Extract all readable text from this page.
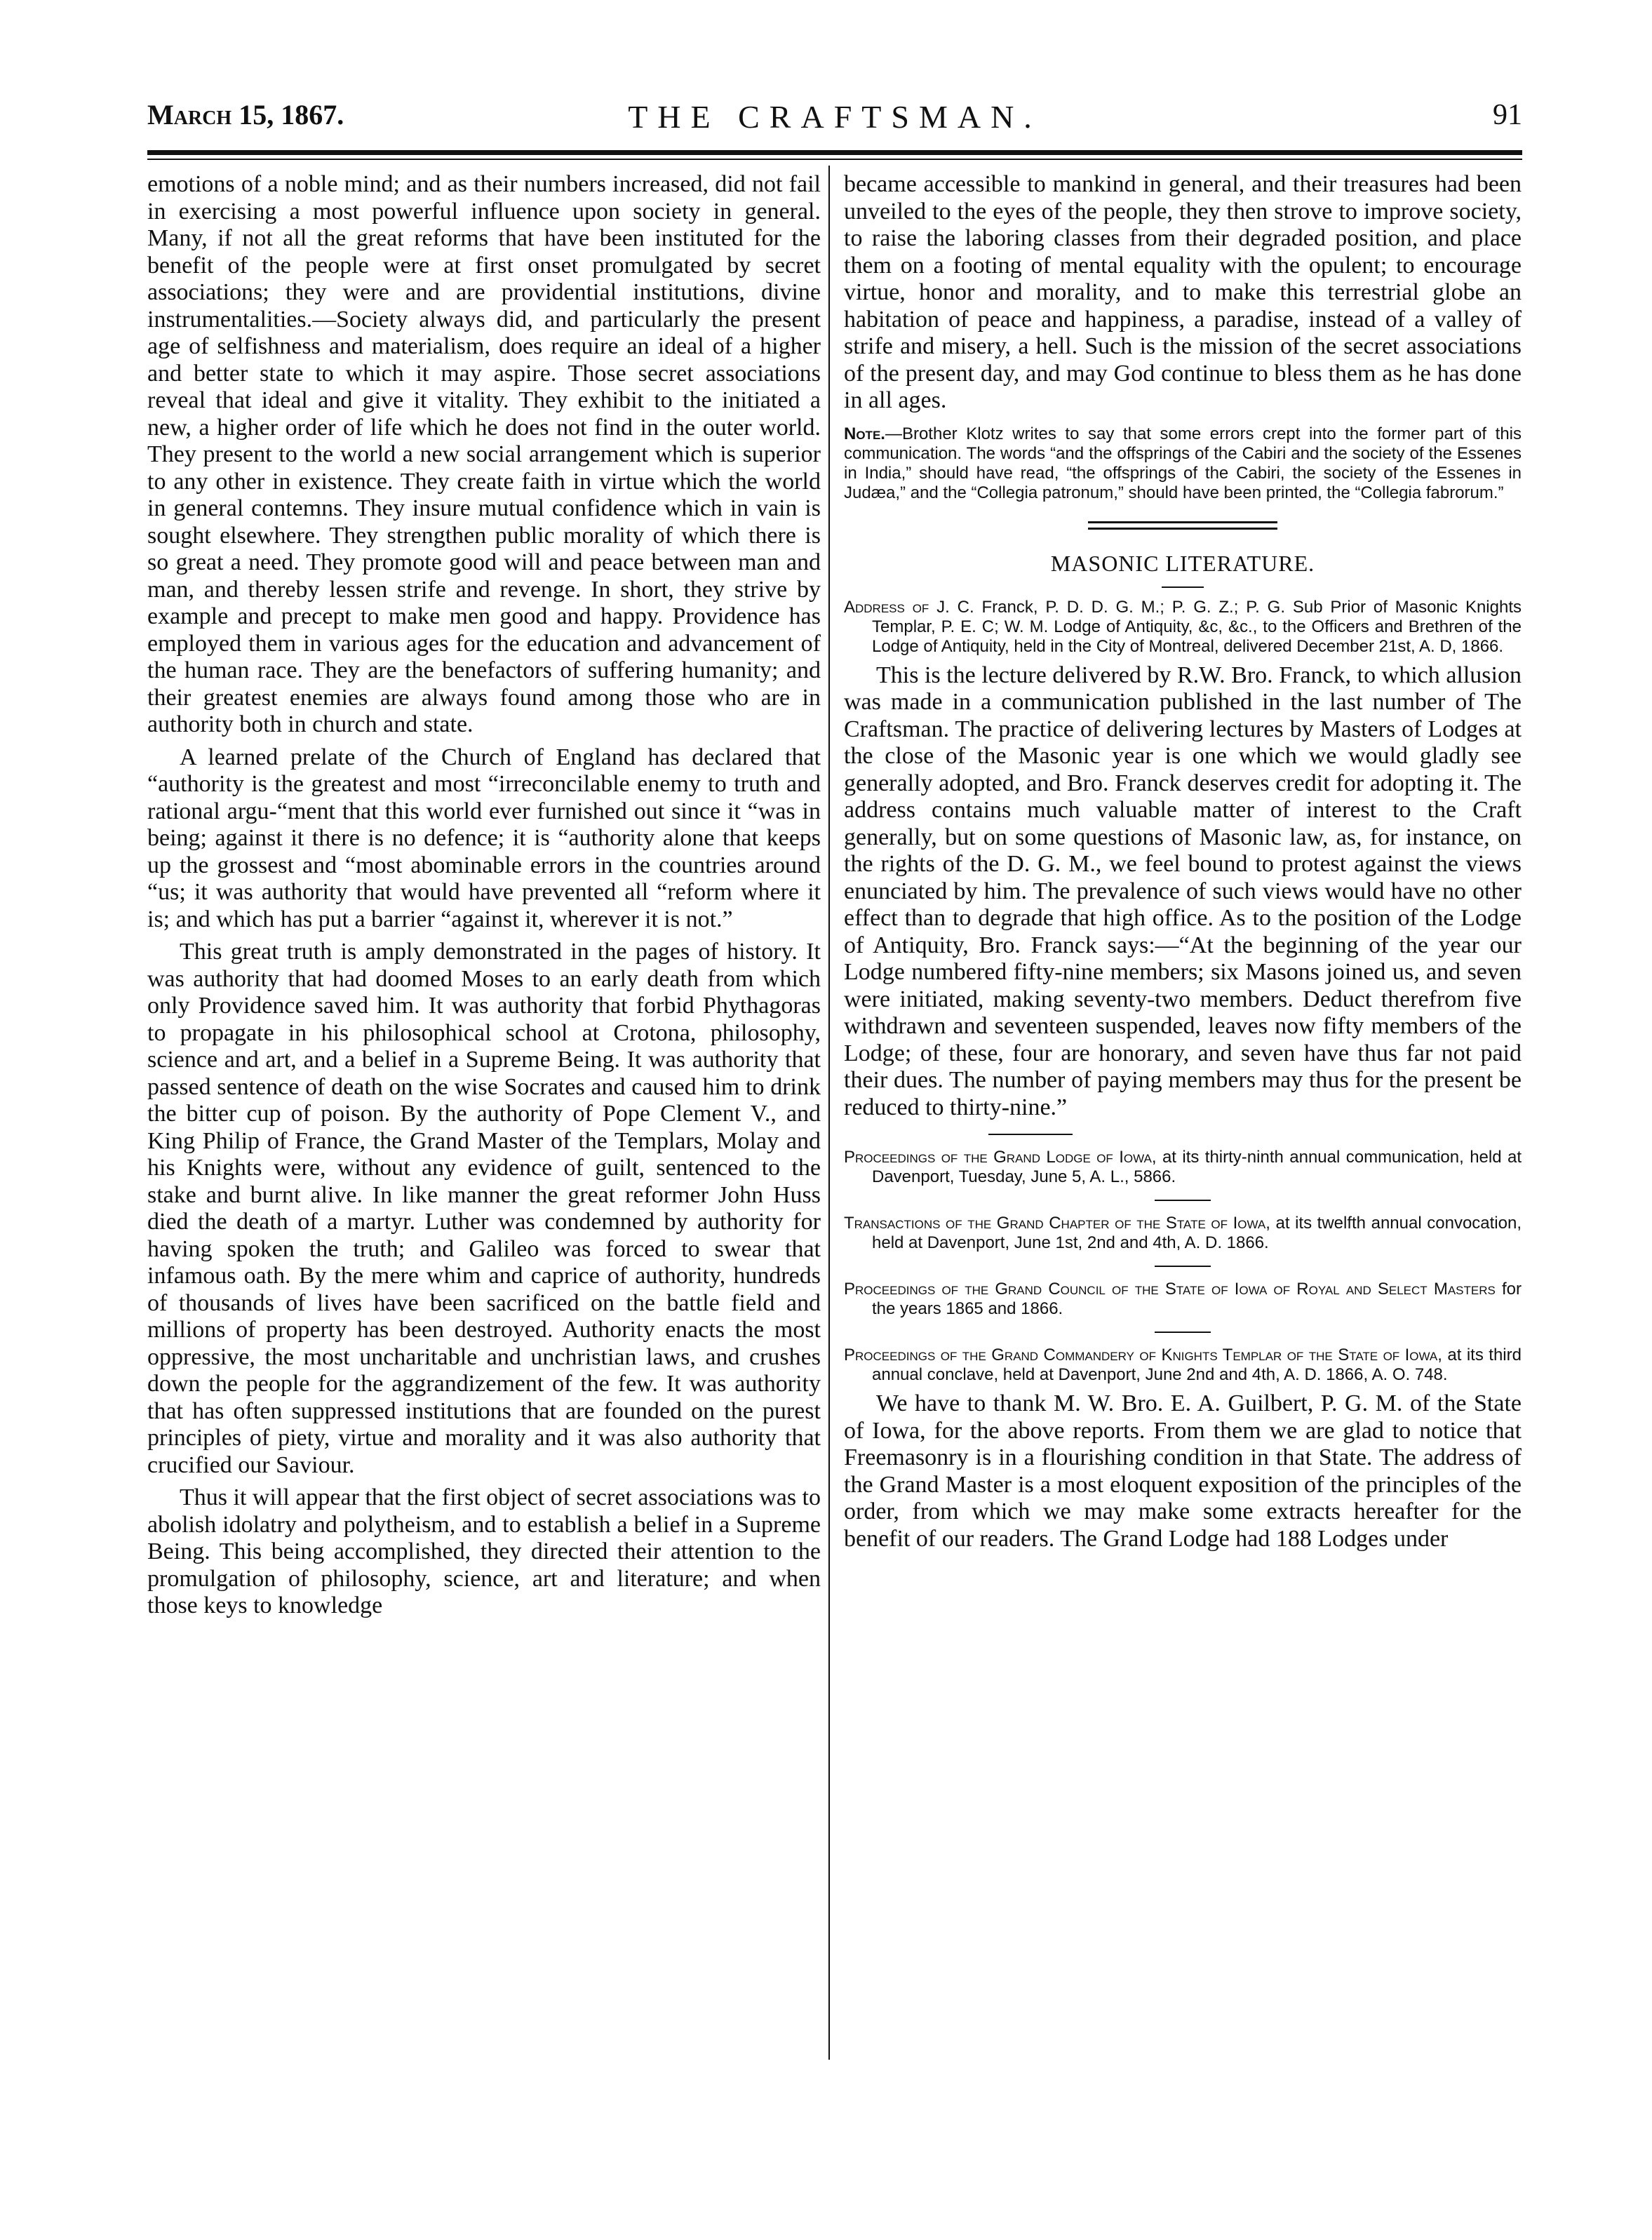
THE CRAFTSMAN.
March 15, 1867.	91

emotions of a noble mind; and as their numbers increased, did not fail in exercising a most powerful influence upon society in general. Many, if not all the great reforms that have been instituted for the benefit of the people were at first onset promulgated by secret associations; they were and are providential institutions, divine instrumentalities.—Society always did, and particularly the present age of selfishness and materialism, does require an ideal of a higher and better state to which it may aspire. Those secret associations reveal that ideal and give it vitality. They exhibit to the initiated a new, a higher order of life which he does not find in the outer world. They present to the world a new social arrangement which is superior to any other in existence. They create faith in virtue which the world in general contemns. They insure mutual confidence which in vain is sought elsewhere. They strengthen public morality of which there is so great a need. They promote good will and peace between man and man, and thereby lessen strife and revenge. In short, they strive by example and precept to make men good and happy. Providence has employed them in various ages for the education and advancement of the human race. They are the benefactors of suffering humanity; and their greatest enemies are always found among those who are in authority both in church and state.

A learned prelate of the Church of England has declared that “authority is the greatest and most “irreconcilable enemy to truth and rational argu-“ment that this world ever furnished out since it “was in being; against it there is no defence; it is “authority alone that keeps up the grossest and “most abominable errors in the countries around “us; it was authority that would have prevented all “reform where it is; and which has put a barrier “against it, wherever it is not.”

This great truth is amply demonstrated in the pages of history. It was authority that had doomed Moses to an early death from which only Providence saved him. It was authority that forbid Phythagoras to propagate in his philosophical school at Crotona, philosophy, science and art, and a belief in a Supreme Being. It was authority that passed sentence of death on the wise Socrates and caused him to drink the bitter cup of poison. By the authority of Pope Clement V., and King Philip of France, the Grand Master of the Templars, Molay and his Knights were, without any evidence of guilt, sentenced to the stake and burnt alive. In like manner the great reformer John Huss died the death of a martyr. Luther was condemned by authority for having spoken the truth; and Galileo was forced to swear that infamous oath. By the mere whim and caprice of authority, hundreds of thousands of lives have been sacrificed on the battle field and millions of property has been destroyed. Authority enacts the most oppressive, the most uncharitable and unchristian laws, and crushes down the people for the aggrandizement of the few. It was authority that has often suppressed institutions that are founded on the purest principles of piety, virtue and morality and it was also authority that crucified our Saviour.

Thus it will appear that the first object of secret associations was to abolish idolatry and polytheism, and to establish a belief in a Supreme Being. This being accomplished, they directed their attention to the promulgation of philosophy, science, art and literature; and when those keys to knowledge

became accessible to mankind in general, and their treasures had been unveiled to the eyes of the people, they then strove to improve society, to raise the laboring classes from their degraded position, and place them on a footing of mental equality with the opulent; to encourage virtue, honor and morality, and to make this terrestrial globe an habitation of peace and happiness, a paradise, instead of a valley of strife and misery, a hell. Such is the mission of the secret associations of the present day, and may God continue to bless them as he has done in all ages.

Note.—Brother Klotz writes to say that some errors crept into the former part of this communication. The words “and the offsprings of the Cabiri and the society of the Essenes in India,” should have read, “the offsprings of the Cabiri, the society of the Essenes in Judæa,” and the “Collegia patronum,” should have been printed, the “Collegia fabrorum.”

MASONIC LITERATURE.

Address of J. C. Franck, P. D. D. G. M.; P. G. Z.; P. G. Sub Prior of Masonic Knights Templar, P. E. C; W. M. Lodge of Antiquity, &c, &c., to the Officers and Brethren of the Lodge of Antiquity, held in the City of Montreal, delivered December 21st, A. D, 1866.

This is the lecture delivered by R.W. Bro. Franck, to which allusion was made in a communication published in the last number of The Craftsman. The practice of delivering lectures by Masters of Lodges at the close of the Masonic year is one which we would gladly see generally adopted, and Bro. Franck deserves credit for adopting it. The address contains much valuable matter of interest to the Craft generally, but on some questions of Masonic law, as, for instance, on the rights of the D. G. M., we feel bound to protest against the views enunciated by him. The prevalence of such views would have no other effect than to degrade that high office. As to the position of the Lodge of Antiquity, Bro. Franck says:—“At the beginning of the year our Lodge numbered fifty-nine members; six Masons joined us, and seven were initiated, making seventy-two members. Deduct therefrom five withdrawn and seventeen suspended, leaves now fifty members of the Lodge; of these, four are honorary, and seven have thus far not paid their dues. The number of paying members may thus for the present be reduced to thirty-nine.”

Proceedings of the Grand Lodge of Iowa, at its thirty-ninth annual communication, held at Davenport, Tuesday, June 5, A. L., 5866.

Transactions of the Grand Chapter of the State of Iowa, at its twelfth annual convocation, held at Davenport, June 1st, 2nd and 4th, A. D. 1866.

Proceedings of the Grand Council of the State of Iowa of Royal and Select Masters for the years 1865 and 1866.

Proceedings of the Grand Commandery of Knights Templar of the State of Iowa, at its third annual conclave, held at Davenport, June 2nd and 4th, A. D. 1866, A. O. 748.

We have to thank M. W. Bro. E. A. Guilbert, P. G. M. of the State of Iowa, for the above reports. From them we are glad to notice that Freemasonry is in a flourishing condition in that State. The address of the Grand Master is a most eloquent exposition of the principles of the order, from which we may make some extracts hereafter for the benefit of our readers. The Grand Lodge had 188 Lodges under
